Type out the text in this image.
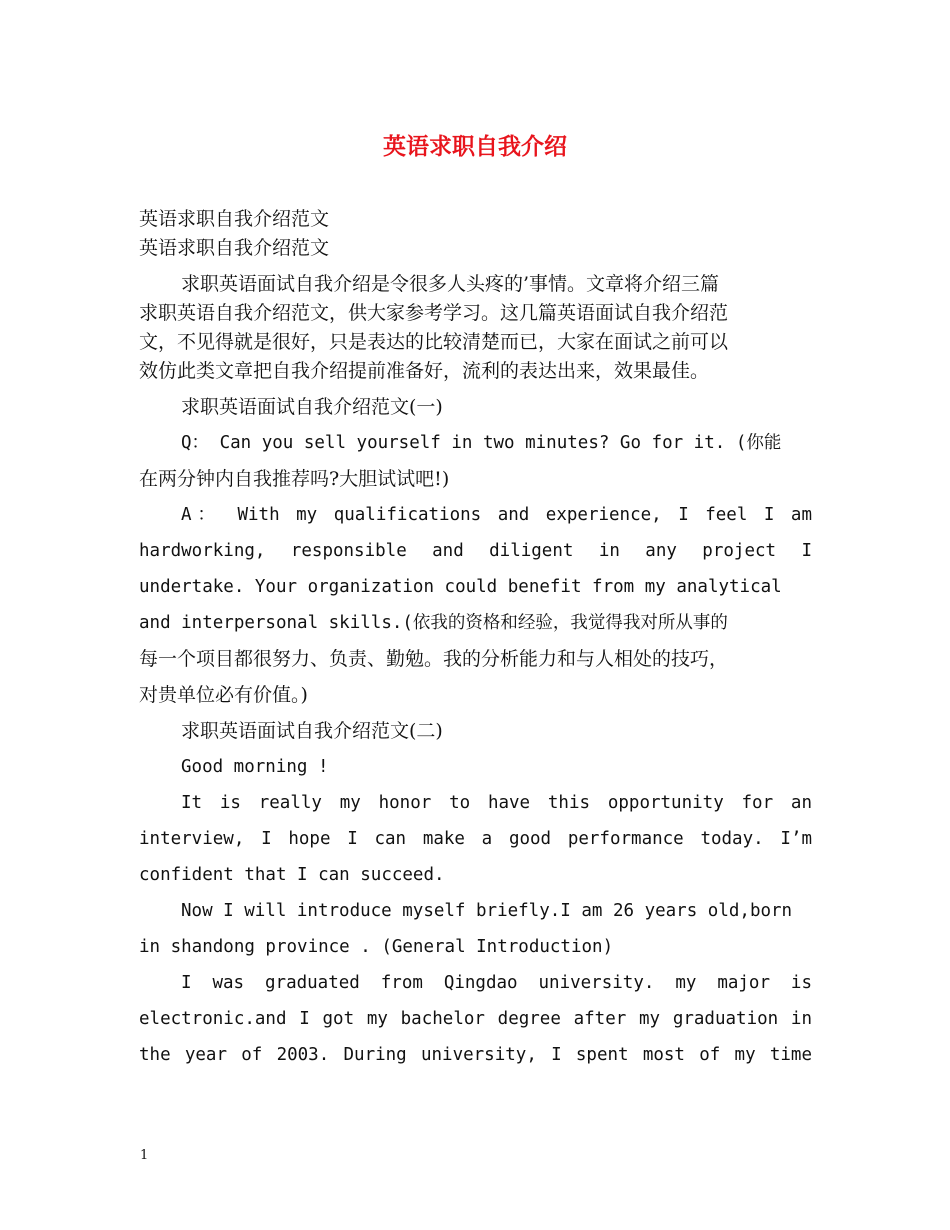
英语求职自我介绍
英语求职自我介绍范文
英语求职自我介绍范文
求职英语面试自我介绍是令很多人头疼的’事情。文章将介绍三篇
求职英语自我介绍范文，供大家参考学习。这几篇英语面试自我介绍范
文，不见得就是很好，只是表达的比较清楚而已，大家在面试之前可以
效仿此类文章把自我介绍提前准备好，流利的表达出来，效果最佳。
求职英语面试自我介绍范文(一)
Q： Can you sell yourself in two minutes? Go for it. (你能
在两分钟内自我推荐吗?大胆试试吧!)
A： With my qualifications and experience, I feel I am
hardworking, responsible and diligent in any project I
undertake. Your organization could benefit from my analytical
and interpersonal skills.(依我的资格和经验，我觉得我对所从事的
每一个项目都很努力、负责、勤勉。我的分析能力和与人相处的技巧，
对贵单位必有价值。)
求职英语面试自我介绍范文(二)
Good morning !
It is really my honor to have this opportunity for an
interview, I hope I can make a good performance today. I’m
confident that I can succeed.
Now I will introduce myself briefly.I am 26 years old,born
in shandong province . (General Introduction)
I was graduated from Qingdao university. my major is
electronic.and I got my bachelor degree after my graduation in
the year of 2003. During university, I spent most of my time
1
